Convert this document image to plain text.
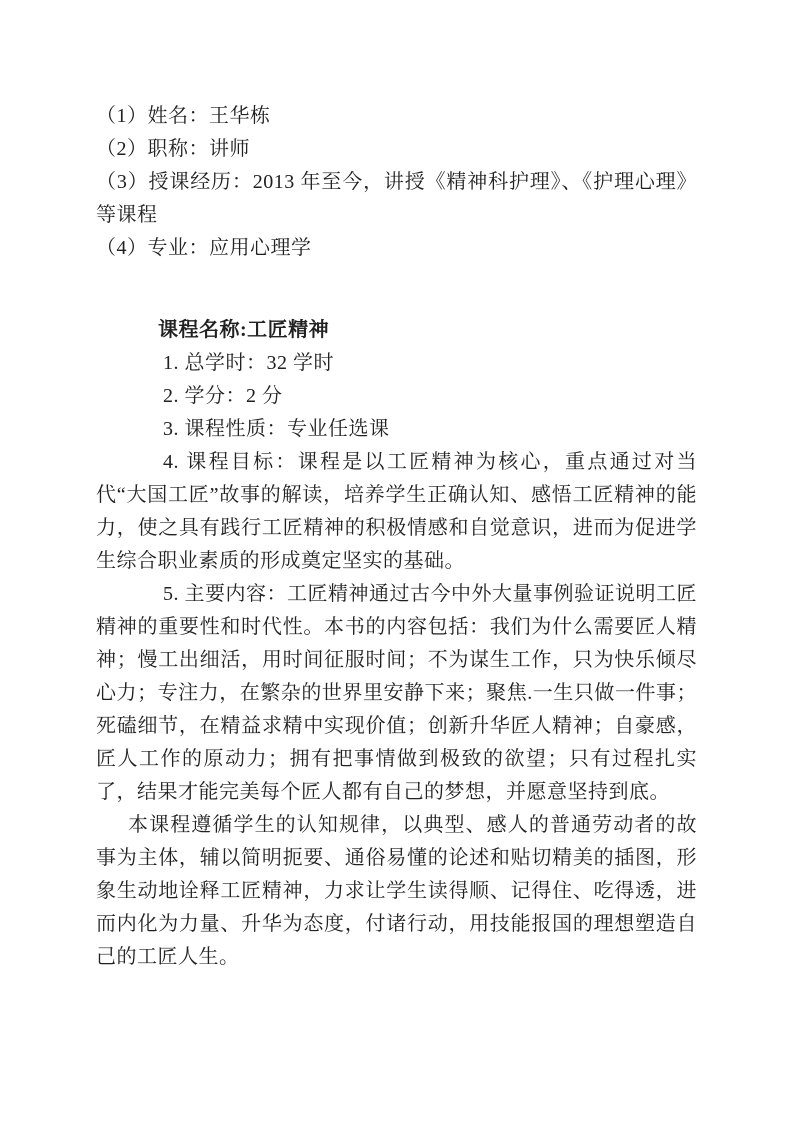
（1）姓名：王华栋

（2）职称：讲师

（3）授课经历：2013 年至今，讲授《精神科护理》、《护理心理》等课程

（4）专业：应用心理学

课程名称:工匠精神

1. 总学时：32 学时

2. 学分：2 分

3. 课程性质：专业任选课

4. 课程目标：课程是以工匠精神为核心，重点通过对当代“大国工匠”故事的解读，培养学生正确认知、感悟工匠精神的能力，使之具有践行工匠精神的积极情感和自觉意识，进而为促进学生综合职业素质的形成奠定坚实的基础。

5. 主要内容：工匠精神通过古今中外大量事例验证说明工匠精神的重要性和时代性。本书的内容包括：我们为什么需要匠人精神；慢工出细活，用时间征服时间；不为谋生工作，只为快乐倾尽心力；专注力，在繁杂的世界里安静下来；聚焦.一生只做一件事；死磕细节，在精益求精中实现价值；创新升华匠人精神；自豪感，匠人工作的原动力；拥有把事情做到极致的欲望；只有过程扎实了，结果才能完美每个匠人都有自己的梦想，并愿意坚持到底。

本课程遵循学生的认知规律，以典型、感人的普通劳动者的故事为主体，辅以简明扼要、通俗易懂的论述和贴切精美的插图，形象生动地诠释工匠精神，力求让学生读得顺、记得住、吃得透，进而内化为力量、升华为态度，付诸行动，用技能报国的理想塑造自己的工匠人生。
